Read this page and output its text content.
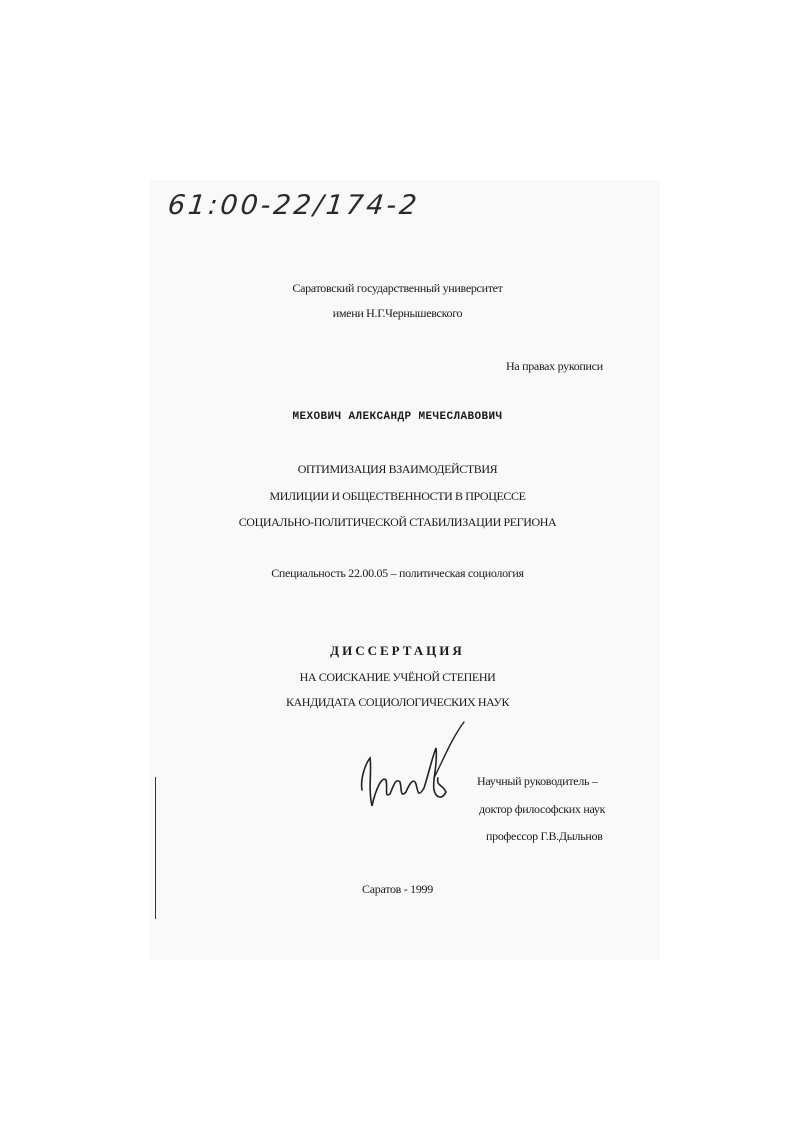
61:00-22/174-2
Саратовский государственный университет
имени Н.Г.Чернышевского
На правах рукописи
МЕХОВИЧ АЛЕКСАНДР МЕЧЕСЛАВОВИЧ
ОПТИМИЗАЦИЯ ВЗАИМОДЕЙСТВИЯ
МИЛИЦИИ И ОБЩЕСТВЕННОСТИ В ПРОЦЕССЕ
СОЦИАЛЬНО-ПОЛИТИЧЕСКОЙ СТАБИЛИЗАЦИИ РЕГИОНА
Специальность 22.00.05 – политическая социология
ДИССЕРТАЦИЯ
НА СОИСКАНИЕ УЧЁНОЙ СТЕПЕНИ
КАНДИДАТА СОЦИОЛОГИЧЕСКИХ НАУК
Научный руководитель –
доктор философских наук
профессор Г.В.Дыльнов
Саратов - 1999
